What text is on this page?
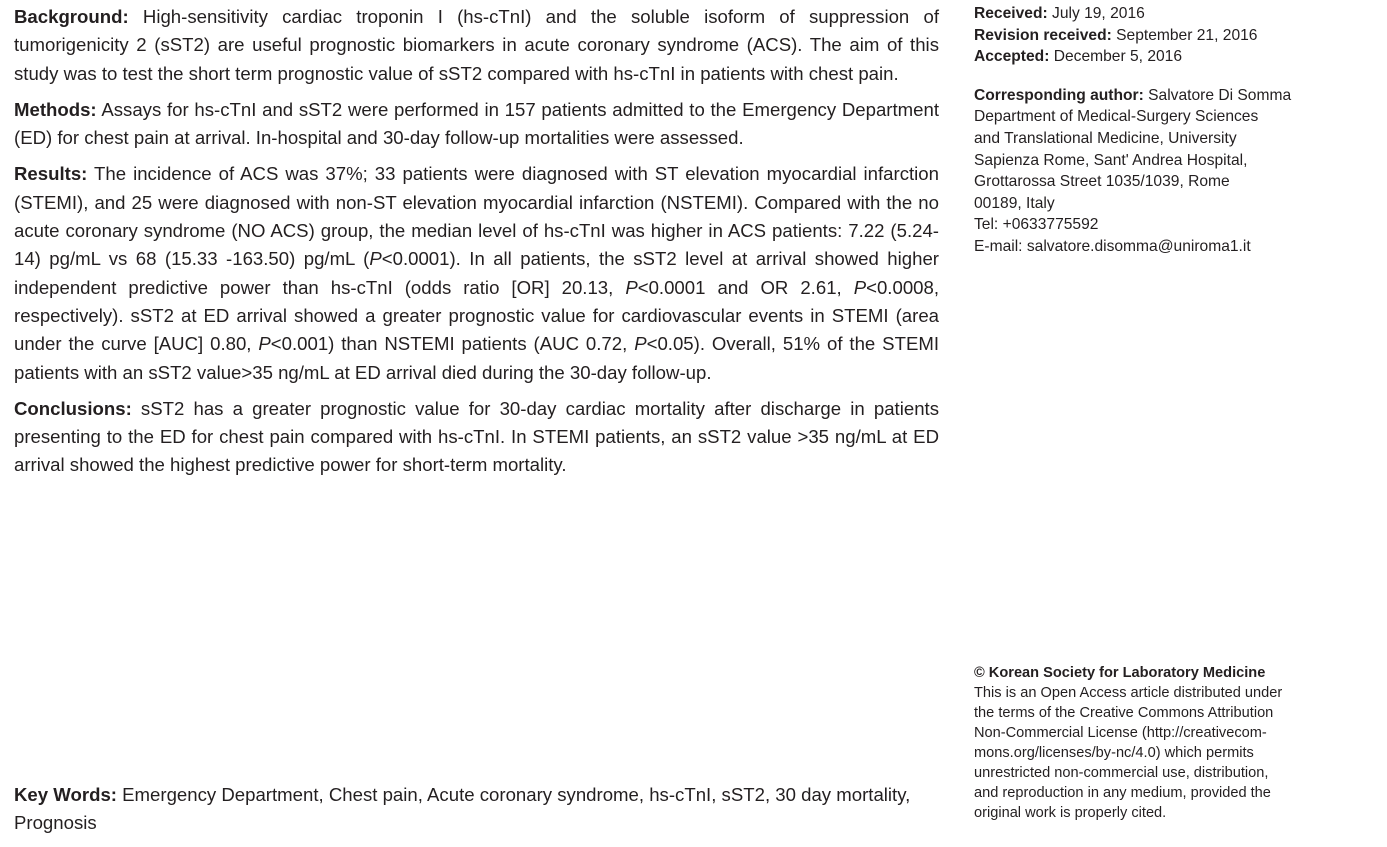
Background: High-sensitivity cardiac troponin I (hs-cTnI) and the soluble isoform of suppression of tumorigenicity 2 (sST2) are useful prognostic biomarkers in acute coronary syndrome (ACS). The aim of this study was to test the short term prognostic value of sST2 compared with hs-cTnI in patients with chest pain.

Methods: Assays for hs-cTnI and sST2 were performed in 157 patients admitted to the Emergency Department (ED) for chest pain at arrival. In-hospital and 30-day follow-up mortalities were assessed.

Results: The incidence of ACS was 37%; 33 patients were diagnosed with ST elevation myocardial infarction (STEMI), and 25 were diagnosed with non-ST elevation myocardial infarction (NSTEMI). Compared with the no acute coronary syndrome (NO ACS) group, the median level of hs-cTnI was higher in ACS patients: 7.22 (5.24-14) pg/mL vs 68 (15.33 -163.50) pg/mL (P<0.0001). In all patients, the sST2 level at arrival showed higher independent predictive power than hs-cTnI (odds ratio [OR] 20.13, P<0.0001 and OR 2.61, P<0.0008, respectively). sST2 at ED arrival showed a greater prognostic value for cardiovascular events in STEMI (area under the curve [AUC] 0.80, P<0.001) than NSTEMI patients (AUC 0.72, P<0.05). Overall, 51% of the STEMI patients with an sST2 value>35 ng/mL at ED arrival died during the 30-day follow-up.

Conclusions: sST2 has a greater prognostic value for 30-day cardiac mortality after discharge in patients presenting to the ED for chest pain compared with hs-cTnI. In STEMI patients, an sST2 value >35 ng/mL at ED arrival showed the highest predictive power for short-term mortality.

Key Words: Emergency Department, Chest pain, Acute coronary syndrome, hs-cTnI, sST2, 30 day mortality, Prognosis

Received: July 19, 2016
Revision received: September 21, 2016
Accepted: December 5, 2016
Corresponding author: Salvatore Di Somma
Department of Medical-Surgery Sciences
and Translational Medicine, University
Sapienza Rome, Sant' Andrea Hospital,
Grottarossa Street 1035/1039, Rome
00189, Italy
Tel: +0633775592
E-mail: salvatore.disomma@uniroma1.it
© Korean Society for Laboratory Medicine
This is an Open Access article distributed under
the terms of the Creative Commons Attribution
Non-Commercial License (http://creativecom-
mons.org/licenses/by-nc/4.0) which permits
unrestricted non-commercial use, distribution,
and reproduction in any medium, provided the
original work is properly cited.
